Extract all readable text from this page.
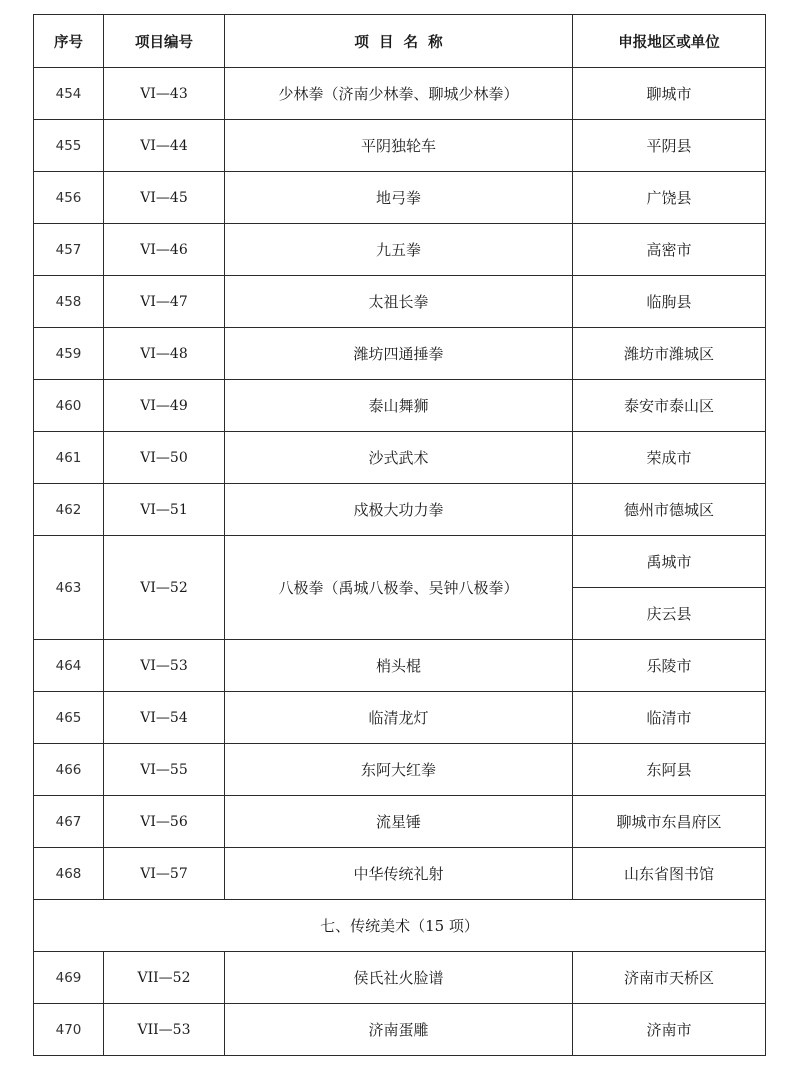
序号	项目编号	项  目  名  称	申报地区或单位
454	VI—43	少林拳（济南少林拳、聊城少林拳）	聊城市
455	VI—44	平阴独轮车	平阴县
456	VI—45	地弓拳	广饶县
457	VI—46	九五拳	高密市
458	VI—47	太祖长拳	临朐县
459	VI—48	潍坊四通捶拳	潍坊市潍城区
460	VI—49	泰山舞狮	泰安市泰山区
461	VI—50	沙式武术	荣成市
462	VI—51	戍极大功力拳	德州市德城区
463	VI—52	八极拳（禹城八极拳、吴钟八极拳）	禹城市
			庆云县
464	VI—53	梢头棍	乐陵市
465	VI—54	临清龙灯	临清市
466	VI—55	东阿大红拳	东阿县
467	VI—56	流星锤	聊城市东昌府区
468	VI—57	中华传统礼射	山东省图书馆
七、传统美术（15 项）			
469	VII—52	侯氏社火脸谱	济南市天桥区
470	VII—53	济南蛋雕	济南市
